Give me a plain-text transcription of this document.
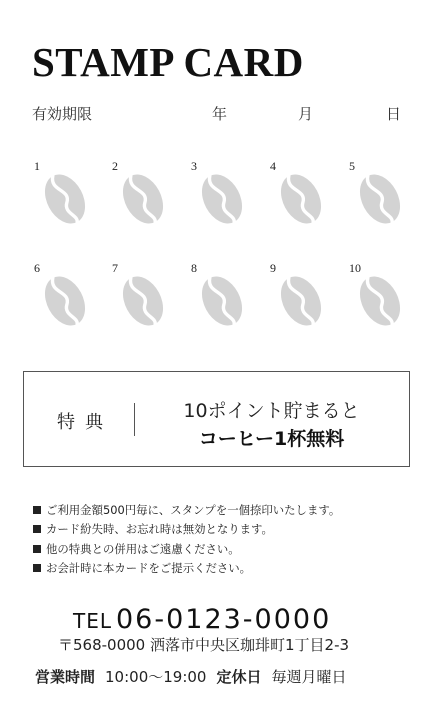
STAMP CARD
有効期限	年	月	日
1	2	3	4	5
6	7	8	9	10
特典
10ポイント貯まると
コーヒー1杯無料
ご利用金額500円毎に、スタンプを一個捺印いたします。
カード紛失時、お忘れ時は無効となります。
他の特典との併用はご遠慮ください。
お会計時に本カードをご提示ください。
TEL 06-0123-0000
〒568-0000 洒落市中央区珈琲町1丁目2-3
営業時間 10:00〜19:00 定休日 毎週月曜日
